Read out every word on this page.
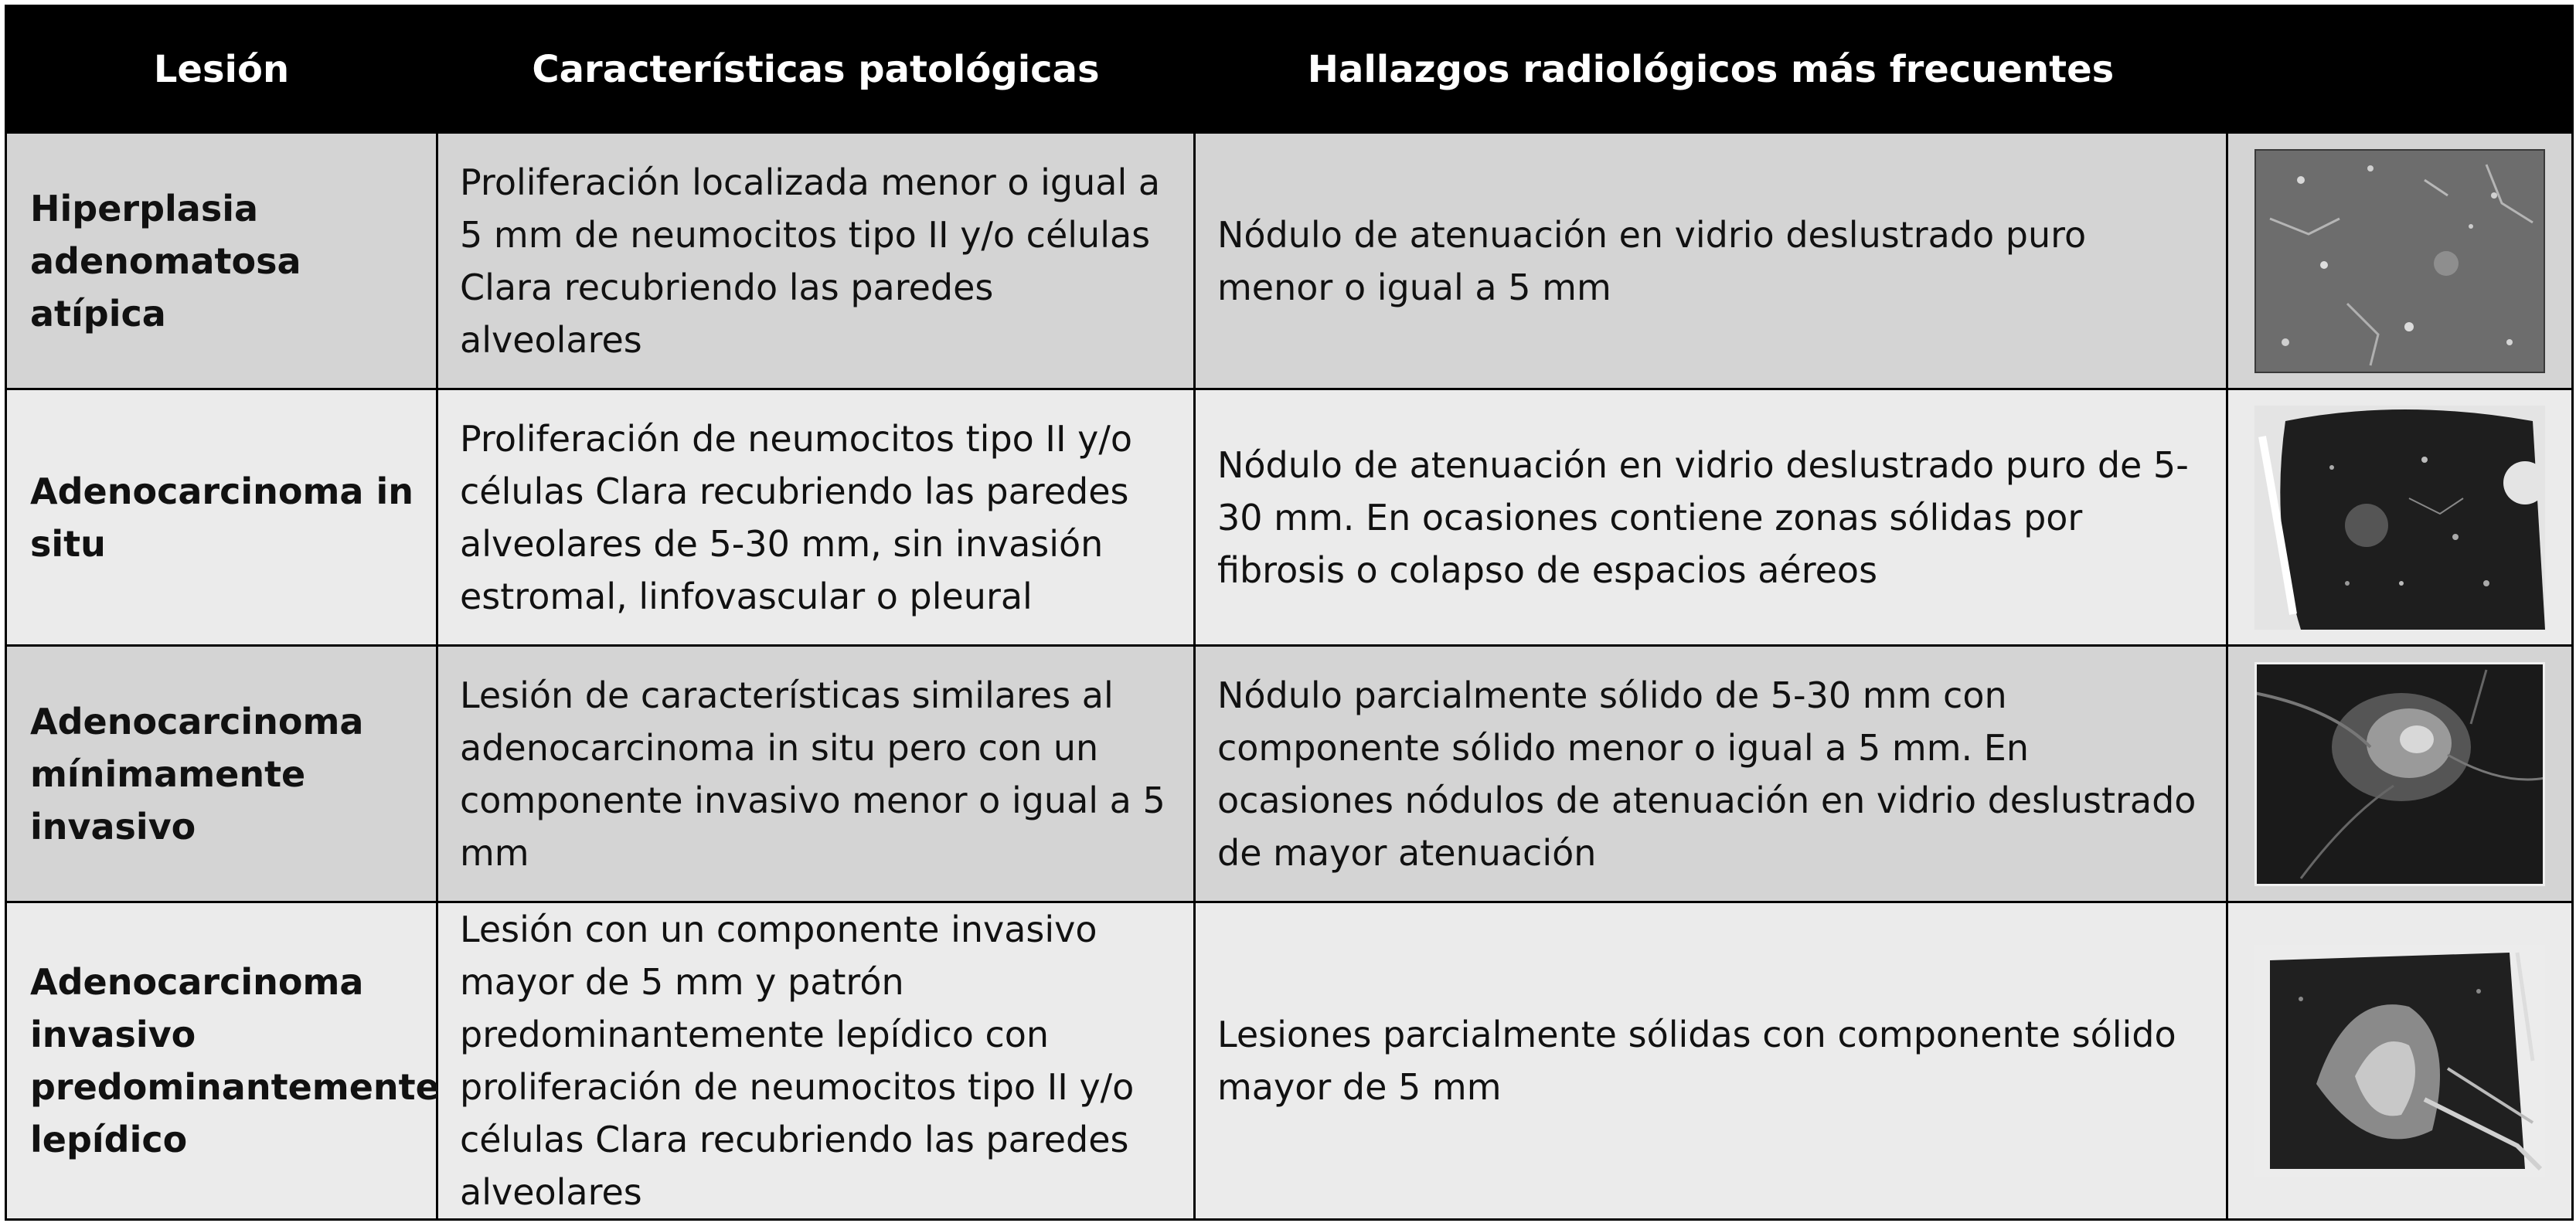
Lesión	Características patológicas	Hallazgos radiológicos más frecuentes	
Hiperplasia adenomatosa atípica	Proliferación localizada menor o igual a 5 mm de neumocitos tipo II y/o células Clara recubriendo las paredes alveolares	Nódulo de atenuación en vidrio deslustrado puro menor o igual a 5 mm	

Adenocarcinoma in situ	Proliferación de neumocitos tipo II y/o células Clara recubriendo las paredes alveolares de 5-30 mm, sin invasión estromal, linfovascular o pleural	Nódulo de atenuación en vidrio deslustrado puro de 5-30 mm. En ocasiones contiene zonas sólidas por fibrosis o colapso de espacios aéreos	

Adenocarcinoma mínimamente invasivo	Lesión de características similares al adenocarcinoma in situ pero con un componente invasivo menor o igual a 5 mm	Nódulo parcialmente sólido de 5-30 mm con componente sólido menor o igual a 5 mm. En ocasiones nódulos de atenuación en vidrio deslustrado de mayor atenuación	

Adenocarcinoma invasivo predominantemente lepídico	Lesión con un componente invasivo mayor de 5 mm y patrón predominantemente lepídico con proliferación de neumocitos tipo II y/o células Clara recubriendo las paredes alveolares	Lesiones parcialmente sólidas con componente sólido mayor de 5 mm	
